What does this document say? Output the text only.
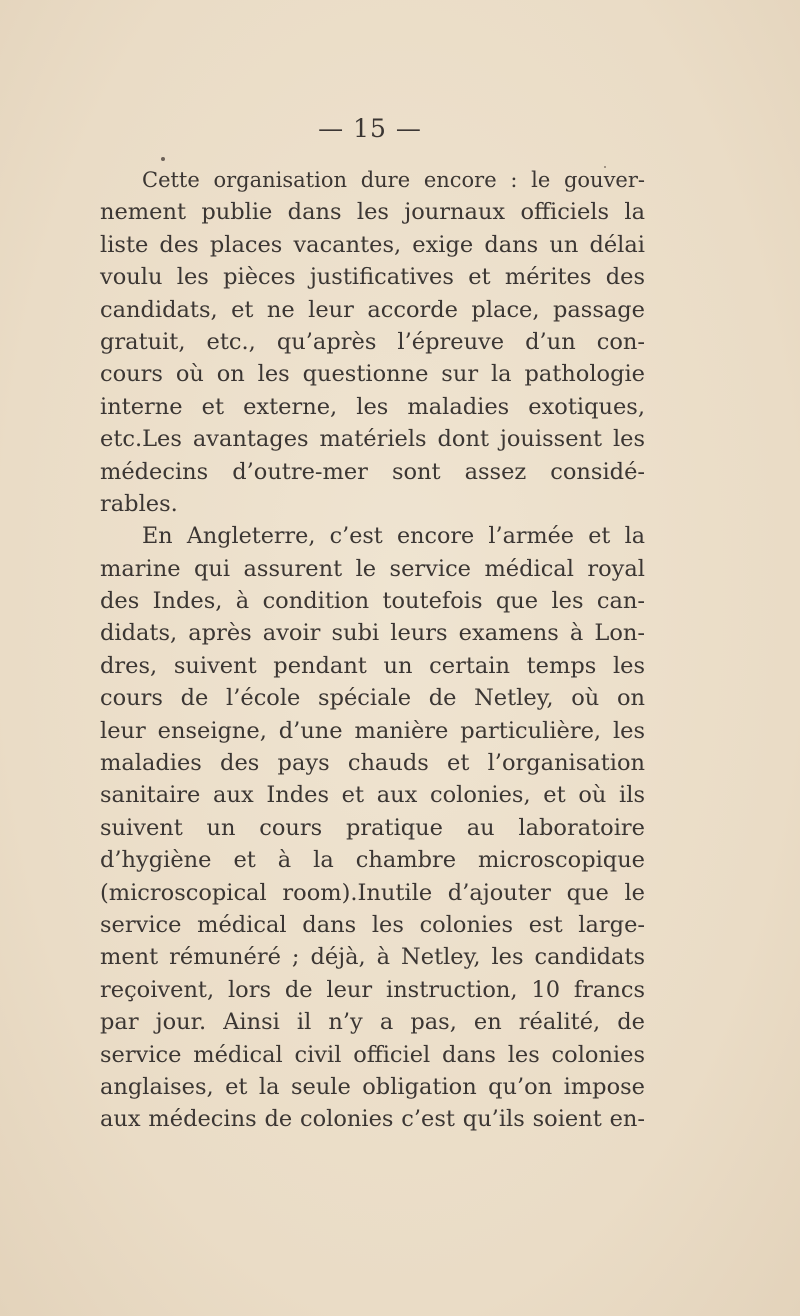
— 15 —
Cette organisation dure encore : le gouver-
nement publie dans les journaux officiels la
liste des places vacantes, exige dans un délai
voulu les pièces justificatives et mérites des
candidats, et ne leur accorde place, passage
gratuit, etc., qu’après l’épreuve d’un con-
cours où on les questionne sur la pathologie
interne et externe, les maladies exotiques,
etc.Les avantages matériels dont jouissent les
médecins d’outre-mer sont assez considé-
rables.
En Angleterre, c’est encore l’armée et la
marine qui assurent le service médical royal
des Indes, à condition toutefois que les can-
didats, après avoir subi leurs examens à Lon-
dres, suivent pendant un certain temps les
cours de l’école spéciale de Netley, où on
leur enseigne, d’une manière particulière, les
maladies des pays chauds et l’organisation
sanitaire aux Indes et aux colonies, et où ils
suivent un cours pratique au laboratoire
d’hygiène et à la chambre microscopique
(microscopical room).Inutile d’ajouter que le
service médical dans les colonies est large-
ment rémunéré ; déjà, à Netley, les candidats
reçoivent, lors de leur instruction, 10 francs
par jour. Ainsi il n’y a pas, en réalité, de
service médical civil officiel dans les colonies
anglaises, et la seule obligation qu’on impose
aux médecins de colonies c’est qu’ils soient en-
